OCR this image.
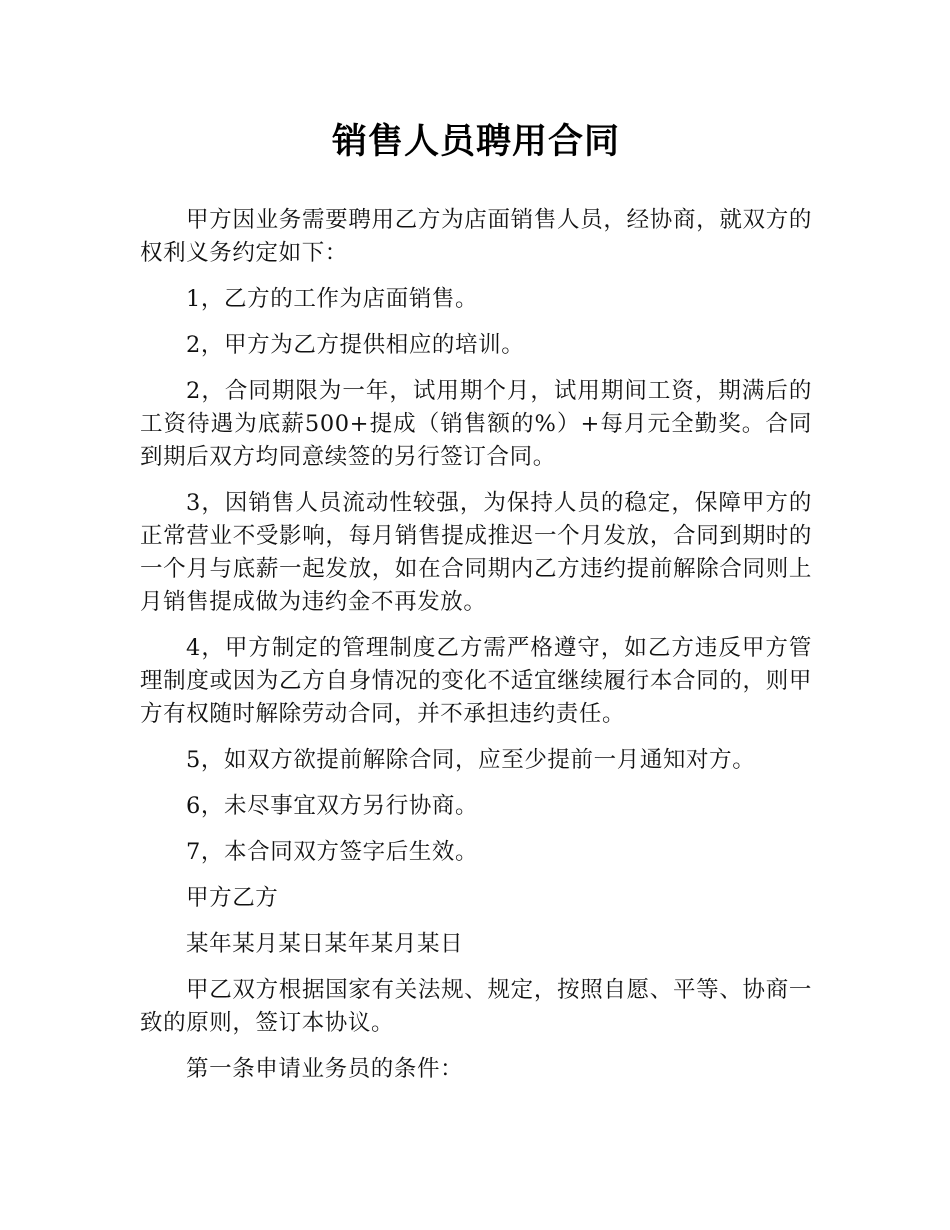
销售人员聘用合同

甲方因业务需要聘用乙方为店面销售人员，经协商，就双方的权利义务约定如下：

1，乙方的工作为店面销售。

2，甲方为乙方提供相应的培训。

2，合同期限为一年，试用期个月，试用期间工资，期满后的工资待遇为底薪500+提成（销售额的%）+每月元全勤奖。合同到期后双方均同意续签的另行签订合同。

3，因销售人员流动性较强，为保持人员的稳定，保障甲方的正常营业不受影响，每月销售提成推迟一个月发放，合同到期时的一个月与底薪一起发放，如在合同期内乙方违约提前解除合同则上月销售提成做为违约金不再发放。

4，甲方制定的管理制度乙方需严格遵守，如乙方违反甲方管理制度或因为乙方自身情况的变化不适宜继续履行本合同的，则甲方有权随时解除劳动合同，并不承担违约责任。

5，如双方欲提前解除合同，应至少提前一月通知对方。

6，未尽事宜双方另行协商。

7，本合同双方签字后生效。

甲方乙方

某年某月某日某年某月某日

甲乙双方根据国家有关法规、规定，按照自愿、平等、协商一致的原则，签订本协议。

第一条申请业务员的条件：
